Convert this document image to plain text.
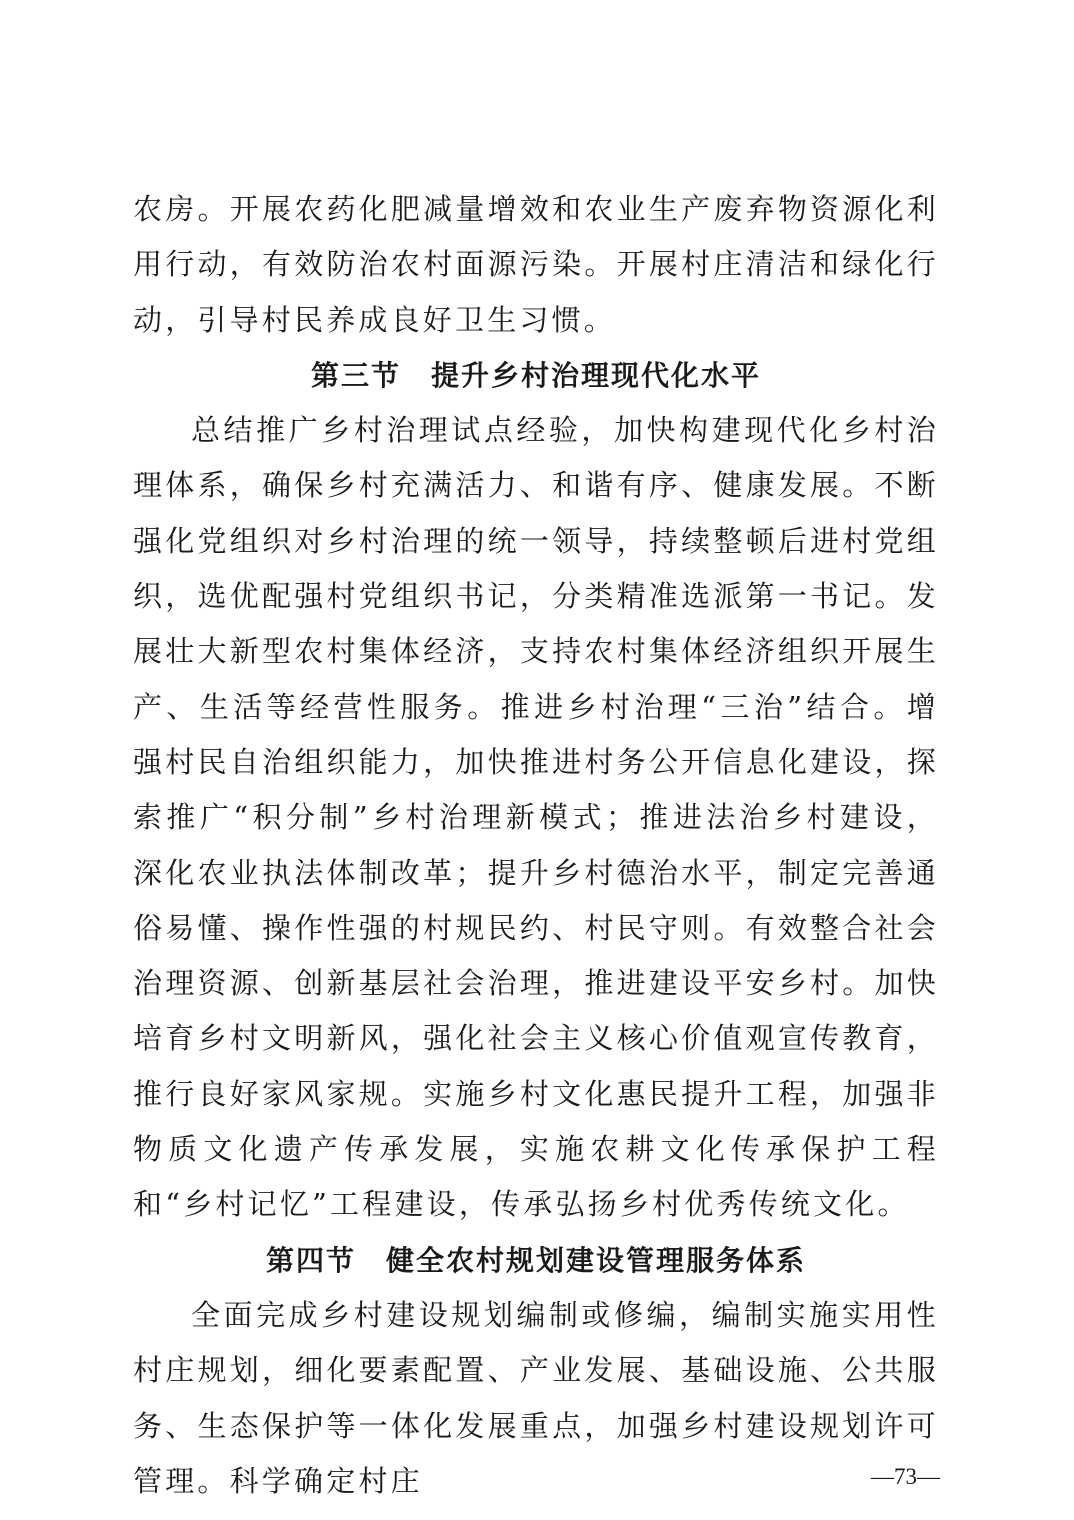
农房。开展农药化肥减量增效和农业生产废弃物资源化利用行动，有效防治农村面源污染。开展村庄清洁和绿化行动，引导村民养成良好卫生习惯。

第三节　提升乡村治理现代化水平

总结推广乡村治理试点经验，加快构建现代化乡村治理体系，确保乡村充满活力、和谐有序、健康发展。不断强化党组织对乡村治理的统一领导，持续整顿后进村党组织，选优配强村党组织书记，分类精准选派第一书记。发展壮大新型农村集体经济，支持农村集体经济组织开展生产、生活等经营性服务。推进乡村治理“三治”结合。增强村民自治组织能力，加快推进村务公开信息化建设，探索推广“积分制”乡村治理新模式；推进法治乡村建设，深化农业执法体制改革；提升乡村德治水平，制定完善通俗易懂、操作性强的村规民约、村民守则。有效整合社会治理资源、创新基层社会治理，推进建设平安乡村。加快培育乡村文明新风，强化社会主义核心价值观宣传教育，推行良好家风家规。实施乡村文化惠民提升工程，加强非物质文化遗产传承发展，实施农耕文化传承保护工程和“乡村记忆”工程建设，传承弘扬乡村优秀传统文化。

第四节　健全农村规划建设管理服务体系

全面完成乡村建设规划编制或修编，编制实施实用性村庄规划，细化要素配置、产业发展、基础设施、公共服务、生态保护等一体化发展重点，加强乡村建设规划许可管理。科学确定村庄	—73—
